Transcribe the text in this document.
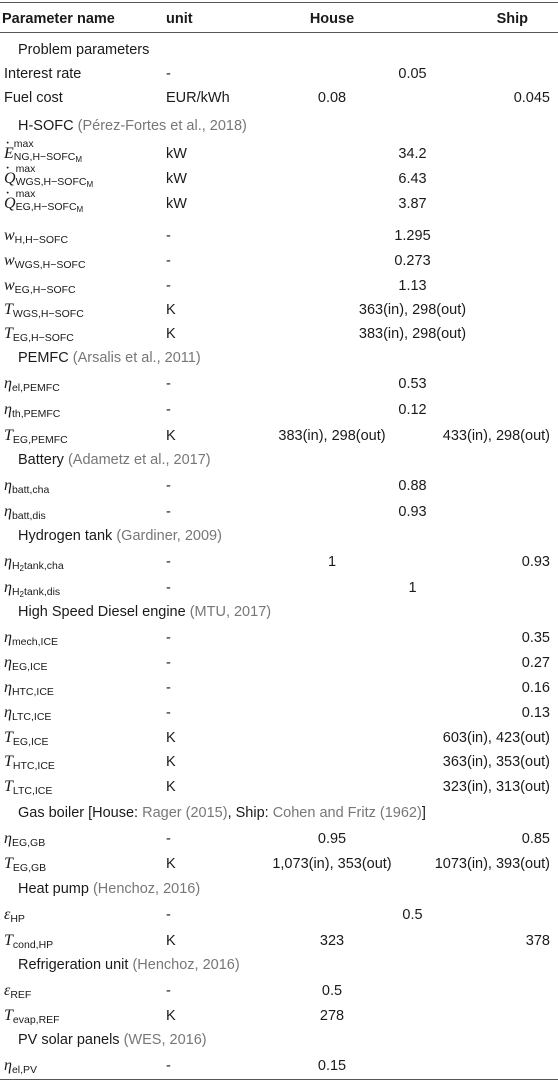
Parameter name	unit	House	Ship
Problem parameters
Interest rate	-	0.05
Fuel cost	EUR/kWh	0.08	0.045
H-SOFC (Pérez-Fortes et al., 2018)
· E
max
$NG,H-SOFC_M$	kW	34.2
· Q
max
$WGS,H-SOFC_M$	kW	6.43
· Q
max
$EG,H-SOFC_M$	kW	3.87
$w_{H,H-SOFC}$	-	1.295
$w_{WGS,H-SOFC}$	-	0.273
$w_{EG,H-SOFC}$	-	1.13
$T_{WGS,H-SOFC}$	K	363(in), 298(out)
$T_{EG,H-SOFC}$	K	383(in), 298(out)
PEMFC (Arsalis et al., 2011)
$\eta_{el,PEMFC}$	-	0.53
$\eta_{th,PEMFC}$	-	0.12
$T_{EG,PEMFC}$	K	383(in), 298(out)	433(in), 298(out)
Battery (Adametz et al., 2017)
$\eta_{batt,cha}$	-	0.88
$\eta_{batt,dis}$	-	0.93
Hydrogen tank (Gardiner, 2009)
$\eta_{H2tank,cha}$	-	1	0.93
$\eta_{H2tank,dis}$	-	1
High Speed Diesel engine (MTU, 2017)
$\eta_{mech,ICE}$	-	0.35
$\eta_{EG,ICE}$	-	0.27
$\eta_{HTC,ICE}$	-	0.16
$\eta_{LTC,ICE}$	-	0.13
$T_{EG,ICE}$	K	603(in), 423(out)
$T_{HTC,ICE}$	K	363(in), 353(out)
$T_{LTC,ICE}$	K	323(in), 313(out)
Gas boiler [House: Rager (2015), Ship: Cohen and Fritz (1962)]
$\eta_{EG,GB}$	-	0.95	0.85
$T_{EG,GB}$	K	1,073(in), 353(out)	1073(in), 393(out)
Heat pump (Henchoz, 2016)
$\varepsilon_{HP}$	-	0.5
$T_{cond,HP}$	K	323	378
Refrigeration unit (Henchoz, 2016)
$\varepsilon_{REF}$	-	0.5
$T_{evap,REF}$	K	278
PV solar panels (WES, 2016)
$\eta_{el,PV}$	-	0.15
